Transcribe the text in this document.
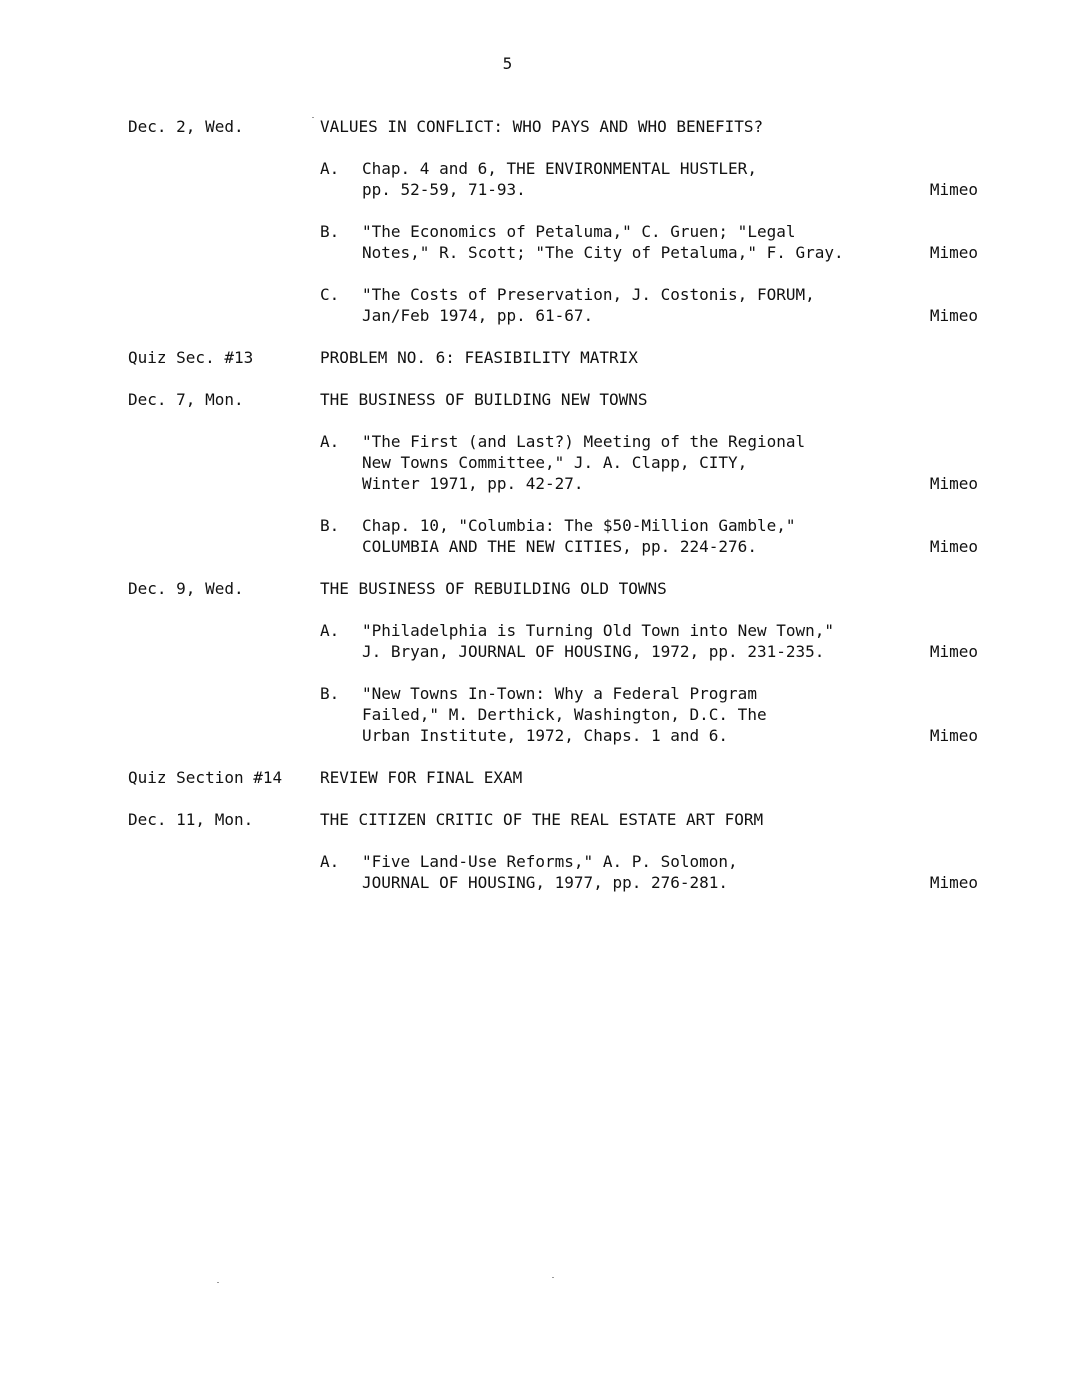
5
Dec. 2, Wed.	VALUES IN CONFLICT: WHO PAYS AND WHO BENEFITS?
A.	Chap. 4 and 6, THE ENVIRONMENTAL HUSTLER,
pp. 52-59, 71-93.	Mimeo
B.	"The Economics of Petaluma," C. Gruen; "Legal
Notes," R. Scott; "The City of Petaluma," F. Gray.	Mimeo
C.	"The Costs of Preservation, J. Costonis, FORUM,
Jan/Feb 1974, pp. 61-67.	Mimeo
Quiz Sec. #13	PROBLEM NO. 6: FEASIBILITY MATRIX
Dec. 7, Mon.	THE BUSINESS OF BUILDING NEW TOWNS
A.	"The First (and Last?) Meeting of the Regional
New Towns Committee," J. A. Clapp, CITY,
Winter 1971, pp. 42-27.	Mimeo
B.	Chap. 10, "Columbia: The $50-Million Gamble,"
COLUMBIA AND THE NEW CITIES, pp. 224-276.	Mimeo
Dec. 9, Wed.	THE BUSINESS OF REBUILDING OLD TOWNS
A.	"Philadelphia is Turning Old Town into New Town,"
J. Bryan, JOURNAL OF HOUSING, 1972, pp. 231-235.	Mimeo
B.	"New Towns In-Town: Why a Federal Program
Failed," M. Derthick, Washington, D.C. The
Urban Institute, 1972, Chaps. 1 and 6.	Mimeo
Quiz Section #14	REVIEW FOR FINAL EXAM
Dec. 11, Mon.	THE CITIZEN CRITIC OF THE REAL ESTATE ART FORM
A.	"Five Land-Use Reforms," A. P. Solomon,
JOURNAL OF HOUSING, 1977, pp. 276-281.	Mimeo
